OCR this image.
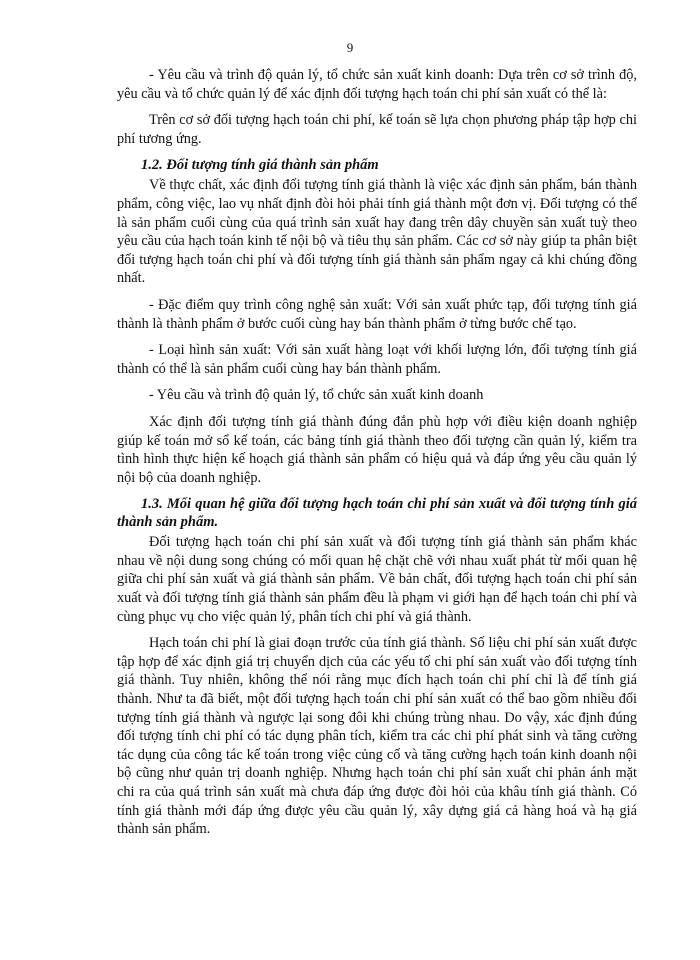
9

- Yêu cầu và trình độ quản lý, tổ chức sản xuất kinh doanh: Dựa trên cơ sở trình độ, yêu cầu và tổ chức quản lý để xác định đối tượng hạch toán chi phí sản xuất có thể là:

Trên cơ sở đối tượng hạch toán chi phí, kế toán sẽ lựa chọn phương pháp tập hợp chi phí tương ứng.

1.2. Đối tượng tính giá thành sản phẩm

Về thực chất, xác định đối tượng tính giá thành là việc xác định sản phẩm, bán thành phẩm, công việc, lao vụ nhất định đòi hỏi phải tính giá thành một đơn vị. Đối tượng có thể là sản phẩm cuối cùng của quá trình sản xuất hay đang trên dây chuyền sản xuất tuỳ theo yêu cầu của hạch toán kinh tế nội bộ và tiêu thụ sản phẩm. Các cơ sở này giúp ta phân biệt đối tượng hạch toán chi phí và đối tượng tính giá thành sản phẩm ngay cả khi chúng đồng nhất.

- Đặc điểm quy trình công nghệ sản xuất: Với sản xuất phức tạp, đối tượng tính giá thành là thành phẩm ở bước cuối cùng hay bán thành phẩm ở từng bước chế tạo.

- Loại hình sản xuất: Với sản xuất hàng loạt với khối lượng lớn, đối tượng tính giá thành có thể là sản phẩm cuối cùng hay bán thành phẩm.

- Yêu cầu và trình độ quản lý, tổ chức sản xuất kinh doanh

Xác định đối tượng tính giá thành đúng đắn phù hợp với điều kiện doanh nghiệp giúp kế toán mở sổ kế toán, các bảng tính giá thành theo đối tượng cần quản lý, kiểm tra tình hình thực hiện kế hoạch giá thành sản phẩm có hiệu quả và đáp ứng yêu cầu quản lý nội bộ của doanh nghiệp.

1.3. Mối quan hệ giữa đối tượng hạch toán chi phí sản xuất và đối tượng tính giá thành sản phẩm.

Đối tượng hạch toán chi phí sản xuất và đối tượng tính giá thành sản phẩm khác nhau về nội dung song chúng có mối quan hệ chặt chẽ với nhau xuất phát từ mối quan hệ giữa chi phí sản xuất và giá thành sản phẩm. Về bản chất, đối tượng hạch toán chi phí sản xuất và đối tượng tính giá thành sản phẩm đều là phạm vi giới hạn để hạch toán chi phí và cùng phục vụ cho việc quản lý, phân tích chi phí và giá thành.

Hạch toán chi phí là giai đoạn trước của tính giá thành. Số liệu chi phí sản xuất được tập hợp để xác định giá trị chuyển dịch của các yếu tố chi phí sản xuất vào đối tượng tính giá thành. Tuy nhiên, không thể nói rằng mục đích hạch toán chi phí chỉ là để tính giá thành. Như ta đã biết, một đối tượng hạch toán chi phí sản xuất có thể bao gồm nhiều đối tượng tính giá thành và ngược lại song đôi khi chúng trùng nhau. Do vậy, xác định đúng đối tượng tính chi phí có tác dụng phân tích, kiểm tra các chi phí phát sinh và tăng cường tác dụng của công tác kế toán trong việc củng cố và tăng cường hạch toán kinh doanh nội bộ cũng như quản trị doanh nghiệp. Nhưng hạch toán chi phí sản xuất chỉ phản ánh mặt chi ra của quá trình sản xuất mà chưa đáp ứng được đòi hỏi của khâu tính giá thành. Có tính giá thành mới đáp ứng được yêu cầu quản lý, xây dựng giá cả hàng hoá và hạ giá thành sản phẩm.
